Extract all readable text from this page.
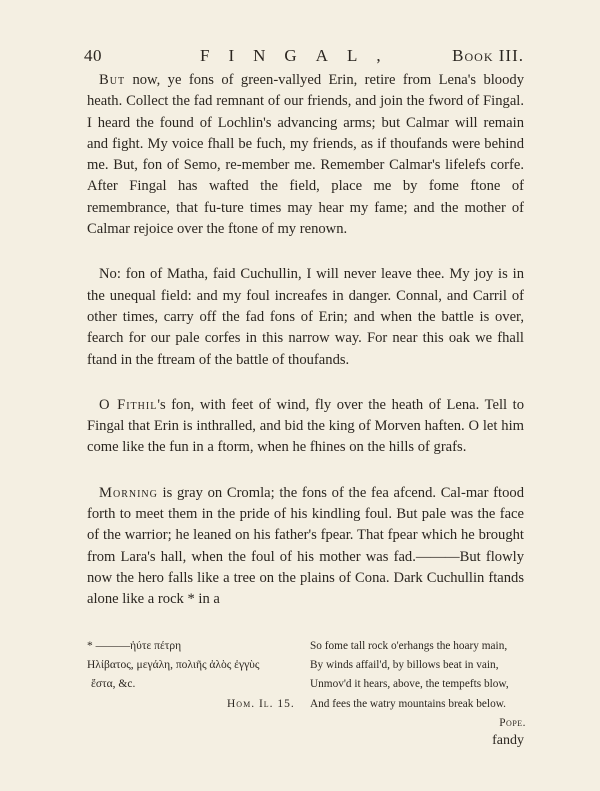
40	FINGAL,	Book III.

But now, ye fons of green-vallyed Erin, retire from Lena's bloody heath. Collect the fad remnant of our friends, and join the fword of Fingal. I heard the found of Lochlin's advancing arms; but Calmar will remain and fight. My voice fhall be fuch, my friends, as if thoufands were behind me. But, fon of Semo, re-member me. Remember Calmar's lifelefs corfe. After Fingal has wafted the field, place me by fome ftone of remembrance, that fu-ture times may hear my fame; and the mother of Calmar rejoice over the ftone of my renown.

No: fon of Matha, faid Cuchullin, I will never leave thee. My joy is in the unequal field: and my foul increafes in danger. Connal, and Carril of other times, carry off the fad fons of Erin; and when the battle is over, fearch for our pale corfes in this narrow way. For near this oak we fhall ftand in the ftream of the battle of thoufands.

O Fithil's fon, with feet of wind, fly over the heath of Lena. Tell to Fingal that Erin is inthralled, and bid the king of Morven haften. O let him come like the fun in a ftorm, when he fhines on the hills of grafs.

Morning is gray on Cromla; the fons of the fea afcend. Cal-mar ftood forth to meet them in the pride of his kindling foul. But pale was the face of the warrior; he leaned on his father's fpear. That fpear which he brought from Lara's hall, when the foul of his mother was fad.———But flowly now the hero falls like a tree on the plains of Cona. Dark Cuchullin ftands alone like a rock * in a

* ———ἠύτε πέτρη
Ηλίβατος, μεγάλη, πολιῆς ἁλὸς ἐγγὺς
ἔστα, &c.
Hom. Il. 15.
So fome tall rock o'erhangs the hoary main,
By winds affail'd, by billows beat in vain,
Unmov'd it hears, above, the tempefts blow,
And fees the watry mountains break below.
Pope.
fandy
